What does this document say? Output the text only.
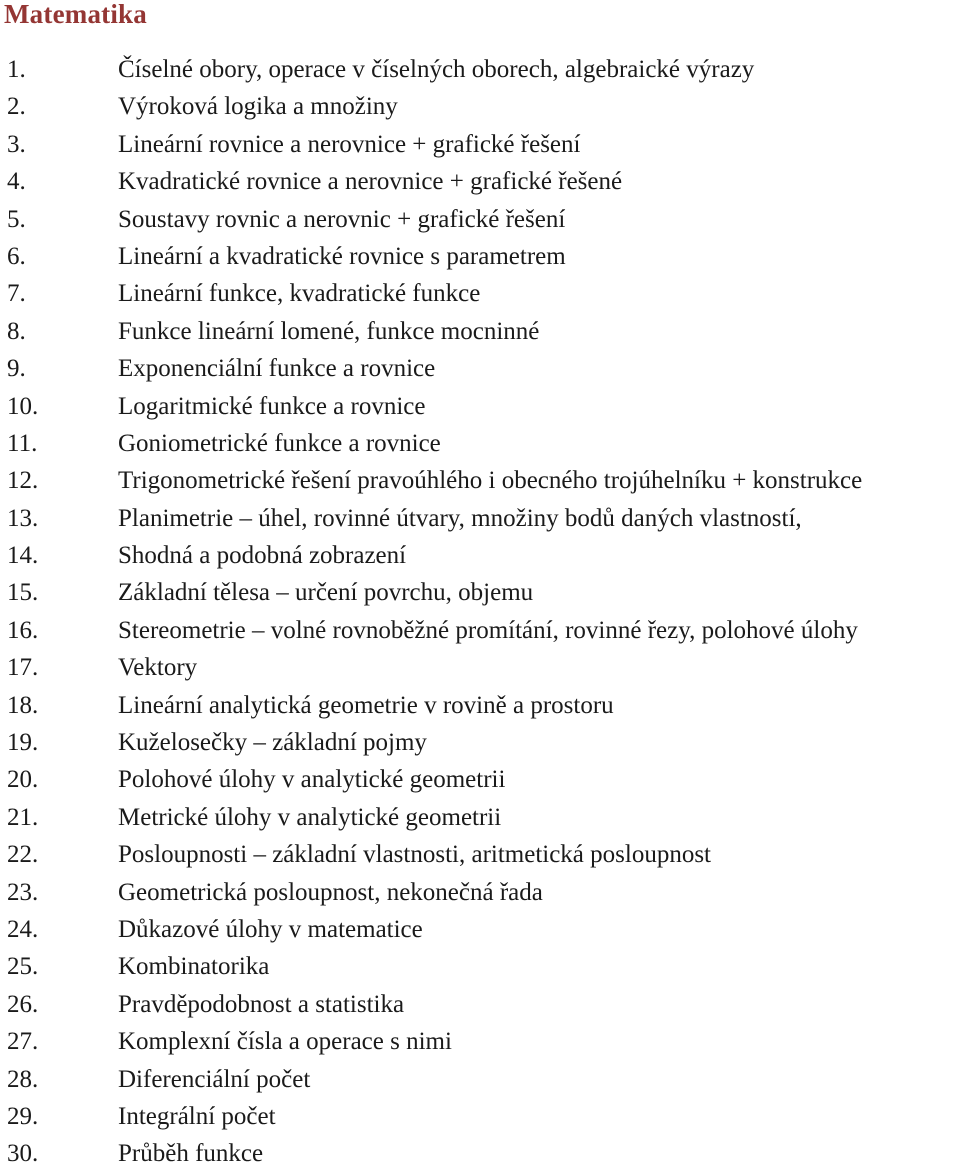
Matematika
1.	Číselné obory, operace v číselných oborech, algebraické výrazy
2.	Výroková logika a množiny
3.	Lineární rovnice a nerovnice + grafické řešení
4.	Kvadratické rovnice a nerovnice + grafické řešené
5.	Soustavy rovnic a nerovnic + grafické řešení
6.	Lineární a kvadratické rovnice s parametrem
7.	Lineární funkce, kvadratické funkce
8.	Funkce lineární lomené, funkce mocninné
9.	Exponenciální funkce a rovnice
10.	Logaritmické funkce a rovnice
11.	Goniometrické funkce a rovnice
12.	Trigonometrické řešení pravoúhlého i obecného trojúhelníku + konstrukce
13.	Planimetrie – úhel, rovinné útvary, množiny bodů daných vlastností,
14.	Shodná a podobná zobrazení
15.	Základní tělesa – určení povrchu, objemu
16.	Stereometrie – volné rovnoběžné promítání, rovinné řezy, polohové úlohy
17.	Vektory
18.	Lineární analytická geometrie v rovině a prostoru
19.	Kuželosečky – základní pojmy
20.	Polohové úlohy v analytické geometrii
21.	Metrické úlohy v analytické geometrii
22.	Posloupnosti – základní vlastnosti, aritmetická posloupnost
23.	Geometrická posloupnost, nekonečná řada
24.	Důkazové úlohy v matematice
25.	Kombinatorika
26.	Pravděpodobnost a statistika
27.	Komplexní čísla a operace s nimi
28.	Diferenciální počet
29.	Integrální počet
30.	Průběh funkce
